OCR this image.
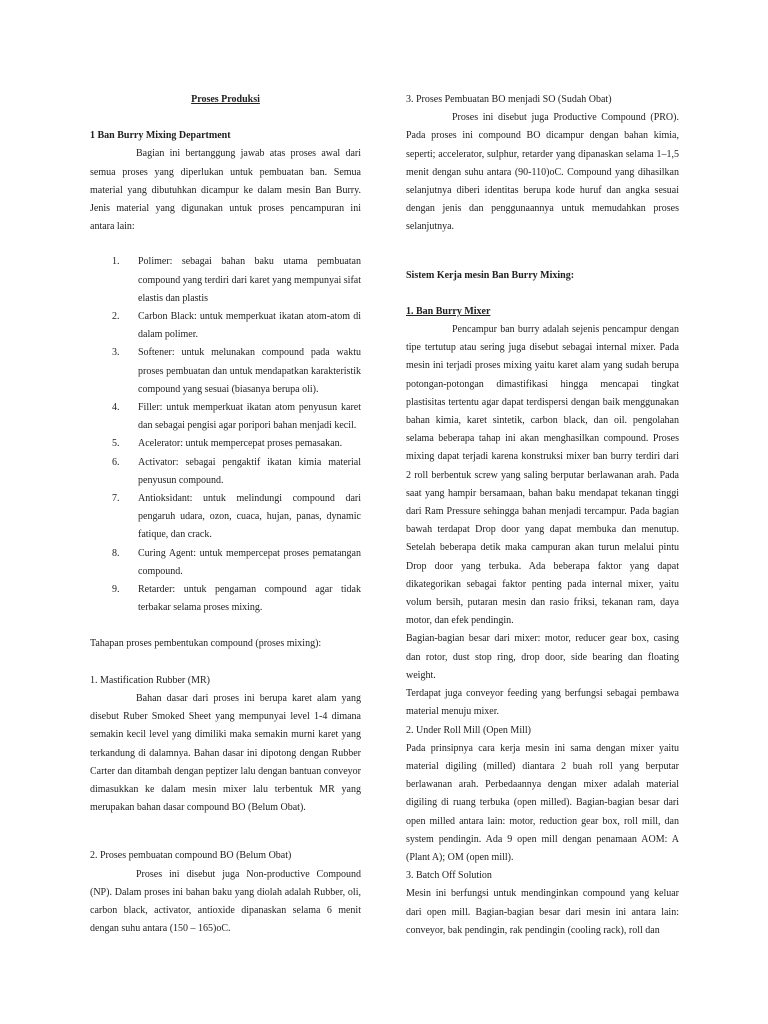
Proses Produksi

1 Ban Burry Mixing Department

Bagian ini bertanggung jawab atas proses awal dari semua proses yang diperlukan untuk pembuatan ban. Semua material yang dibutuhkan dicampur ke dalam mesin Ban Burry. Jenis material yang digunakan untuk proses pencampuran ini antara lain:

1.	Polimer: sebagai bahan baku utama pembuatan compound yang terdiri dari karet yang mempunyai sifat elastis dan plastis
2.	Carbon Black: untuk memperkuat ikatan atom-atom di dalam polimer.
3.	Softener: untuk melunakan compound pada waktu proses pembuatan dan untuk mendapatkan karakteristik compound yang sesuai (biasanya berupa oli).
4.	Filler: untuk memperkuat ikatan atom penyusun karet dan sebagai pengisi agar poripori bahan menjadi kecil.
5.	Acelerator: untuk mempercepat proses pemasakan.
6.	Activator: sebagai pengaktif ikatan kimia material penyusun compound.
7.	Antioksidant: untuk melindungi compound dari pengaruh udara, ozon, cuaca, hujan, panas, dynamic fatique, dan crack.
8.	Curing Agent: untuk mempercepat proses pematangan compound.
9.	Retarder: untuk pengaman compound agar tidak terbakar selama proses mixing.

Tahapan proses pembentukan compound (proses mixing):

1. Mastification Rubber (MR)

Bahan dasar dari proses ini berupa karet alam yang disebut Ruber Smoked Sheet yang mempunyai level 1-4 dimana semakin kecil level yang dimiliki maka semakin murni karet yang terkandung di dalamnya. Bahan dasar ini dipotong dengan Rubber Carter dan ditambah dengan peptizer lalu dengan bantuan conveyor dimasukkan ke dalam mesin mixer lalu terbentuk MR yang merupakan bahan dasar compound BO (Belum Obat).

2. Proses pembuatan compound BO (Belum Obat)

Proses ini disebut juga Non-productive Compound (NP). Dalam proses ini bahan baku yang diolah adalah Rubber, oli, carbon black, activator, antioxide dipanaskan selama 6 menit dengan suhu antara (150 – 165)oC.

3. Proses Pembuatan BO menjadi SO (Sudah Obat)

Proses ini disebut juga Productive Compound (PRO). Pada proses ini compound BO dicampur dengan bahan kimia, seperti; accelerator, sulphur, retarder yang dipanaskan selama 1–1,5 menit dengan suhu antara (90-110)oC. Compound yang dihasilkan selanjutnya diberi identitas berupa kode huruf dan angka sesuai dengan jenis dan penggunaannya untuk memudahkan proses selanjutnya.

Sistem Kerja mesin Ban Burry Mixing:

1. Ban Burry Mixer

Pencampur ban burry adalah sejenis pencampur dengan tipe tertutup atau sering juga disebut sebagai internal mixer. Pada mesin ini terjadi proses mixing yaitu karet alam yang sudah berupa potongan-potongan dimastifikasi hingga mencapai tingkat plastisitas tertentu agar dapat terdispersi dengan baik menggunakan bahan kimia, karet sintetik, carbon black, dan oil. pengolahan selama beberapa tahap ini akan menghasilkan compound. Proses mixing dapat terjadi karena konstruksi mixer ban burry terdiri dari 2 roll berbentuk screw yang saling berputar berlawanan arah. Pada saat yang hampir bersamaan, bahan baku mendapat tekanan tinggi dari Ram Pressure sehingga bahan menjadi tercampur. Pada bagian bawah terdapat Drop door yang dapat membuka dan menutup. Setelah beberapa detik maka campuran akan turun melalui pintu Drop door yang terbuka. Ada beberapa faktor yang dapat dikategorikan sebagai faktor penting pada internal mixer, yaitu volum bersih, putaran mesin dan rasio friksi, tekanan ram, daya motor, dan efek pendingin.

Bagian-bagian besar dari mixer: motor, reducer gear box, casing dan rotor, dust stop ring, drop door, side bearing dan floating weight.

Terdapat juga conveyor feeding yang berfungsi sebagai pembawa material menuju mixer.

2. Under Roll Mill (Open Mill)

Pada prinsipnya cara kerja mesin ini sama dengan mixer yaitu material digiling (milled) diantara 2 buah roll yang berputar berlawanan arah. Perbedaannya dengan mixer adalah material digiling di ruang terbuka (open milled). Bagian-bagian besar dari open milled antara lain: motor, reduction gear box, roll mill, dan system pendingin. Ada 9 open mill dengan penamaan AOM: A (Plant A); OM (open mill).

3. Batch Off Solution

Mesin ini berfungsi untuk mendinginkan compound yang keluar dari open mill. Bagian-bagian besar dari mesin ini antara lain: conveyor, bak pendingin, rak pendingin (cooling rack), roll dan
